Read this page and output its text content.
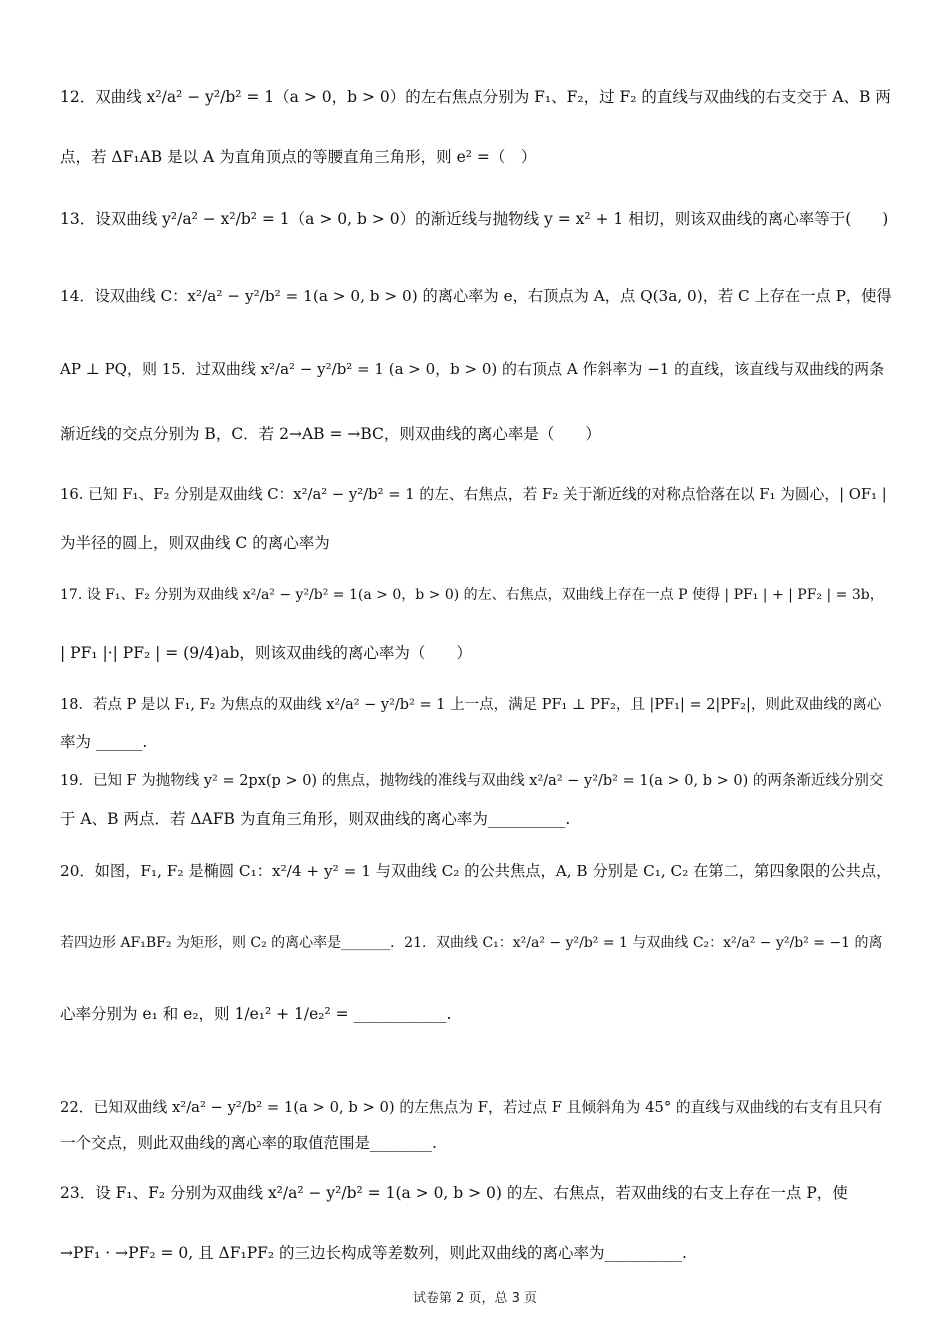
12．双曲线 x²/a² − y²/b² = 1（a > 0，b > 0）的左右焦点分别为 F₁、F₂，过 F₂ 的直线与双曲线的右支交于 A、B 两
点，若 ΔF₁AB 是以 A 为直角顶点的等腰直角三角形，则 e² =（　）
13．设双曲线 y²/a² − x²/b² = 1（a > 0, b > 0）的渐近线与抛物线 y = x² + 1 相切，则该双曲线的离心率等于(　　)
14．设双曲线 C：x²/a² − y²/b² = 1(a > 0, b > 0) 的离心率为 e，右顶点为 A，点 Q(3a, 0)，若 C 上存在一点 P，使得
AP ⊥ PQ，则 15．过双曲线 x²/a² − y²/b² = 1 (a > 0，b > 0) 的右顶点 A 作斜率为 −1 的直线，该直线与双曲线的两条
渐近线的交点分别为 B，C．若 2→AB = →BC，则双曲线的离心率是（　　）
16. 已知 F₁、F₂ 分别是双曲线 C：x²/a² − y²/b² = 1 的左、右焦点，若 F₂ 关于渐近线的对称点恰落在以 F₁ 为圆心，| OF₁ |
为半径的圆上，则双曲线 C 的离心率为
17. 设 F₁、F₂ 分别为双曲线 x²/a² − y²/b² = 1(a > 0，b > 0) 的左、右焦点，双曲线上存在一点 P 使得 | PF₁ | + | PF₂ | = 3b，
| PF₁ |·| PF₂ | = (9/4)ab，则该双曲线的离心率为（　　）
18．若点 P 是以 F₁, F₂ 为焦点的双曲线 x²/a² − y²/b² = 1 上一点，满足 PF₁ ⊥ PF₂，且 |PF₁| = 2|PF₂|，则此双曲线的离心
率为 ______.
19．已知 F 为抛物线 y² = 2px(p > 0) 的焦点，抛物线的准线与双曲线 x²/a² − y²/b² = 1(a > 0, b > 0) 的两条渐近线分别交
于 A、B 两点．若 ΔAFB 为直角三角形，则双曲线的离心率为__________.
20．如图，F₁, F₂ 是椭圆 C₁：x²/4 + y² = 1 与双曲线 C₂ 的公共焦点，A, B 分别是 C₁, C₂ 在第二，第四象限的公共点，
若四边形 AF₁BF₂ 为矩形，则 C₂ 的离心率是_______．21．双曲线 C₁：x²/a² − y²/b² = 1 与双曲线 C₂：x²/a² − y²/b² = −1 的离
心率分别为 e₁ 和 e₂，则 1/e₁² + 1/e₂² = ____________.
22．已知双曲线 x²/a² − y²/b² = 1(a > 0, b > 0) 的左焦点为 F，若过点 F 且倾斜角为 45° 的直线与双曲线的右支有且只有
一个交点，则此双曲线的离心率的取值范围是________.
23．设 F₁、F₂ 分别为双曲线 x²/a² − y²/b² = 1(a > 0, b > 0) 的左、右焦点，若双曲线的右支上存在一点 P，使
→PF₁ · →PF₂ = 0, 且 ΔF₁PF₂ 的三边长构成等差数列，则此双曲线的离心率为__________.
试卷第 2 页，总 3 页
